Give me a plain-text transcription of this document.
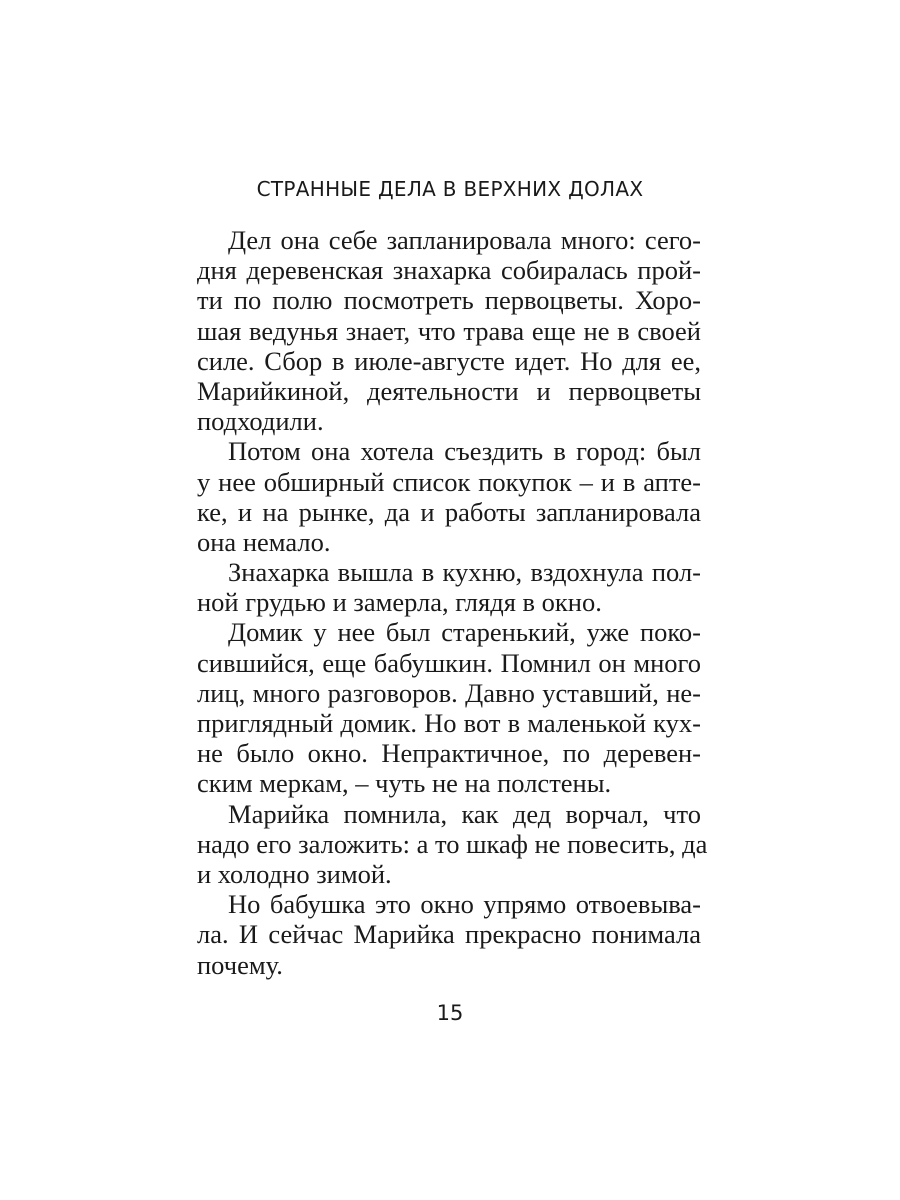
СТРАННЫЕ ДЕЛА В ВЕРХНИХ ДОЛАХ
Дел она себе запланировала много: сего-
дня деревенская знахарка собиралась прой-
ти по полю посмотреть первоцветы. Хоро-
шая ведунья знает, что трава еще не в своей
силе. Сбор в июле-августе идет. Но для ее,
Марийкиной, деятельности и первоцветы
подходили.
Потом она хотела съездить в город: был
у нее обширный список покупок – и в апте-
ке, и на рынке, да и работы запланировала
она немало.
Знахарка вышла в кухню, вздохнула пол-
ной грудью и замерла, глядя в окно.
Домик у нее был старенький, уже поко-
сившийся, еще бабушкин. Помнил он много
лиц, много разговоров. Давно уставший, не-
приглядный домик. Но вот в маленькой кух-
не было окно. Непрактичное, по деревен-
ским меркам, – чуть не на полстены.
Марийка помнила, как дед ворчал, что
надо его заложить: а то шкаф не повесить, да
и холодно зимой.
Но бабушка это окно упрямо отвоевыва-
ла. И сейчас Марийка прекрасно понимала
почему.
15
